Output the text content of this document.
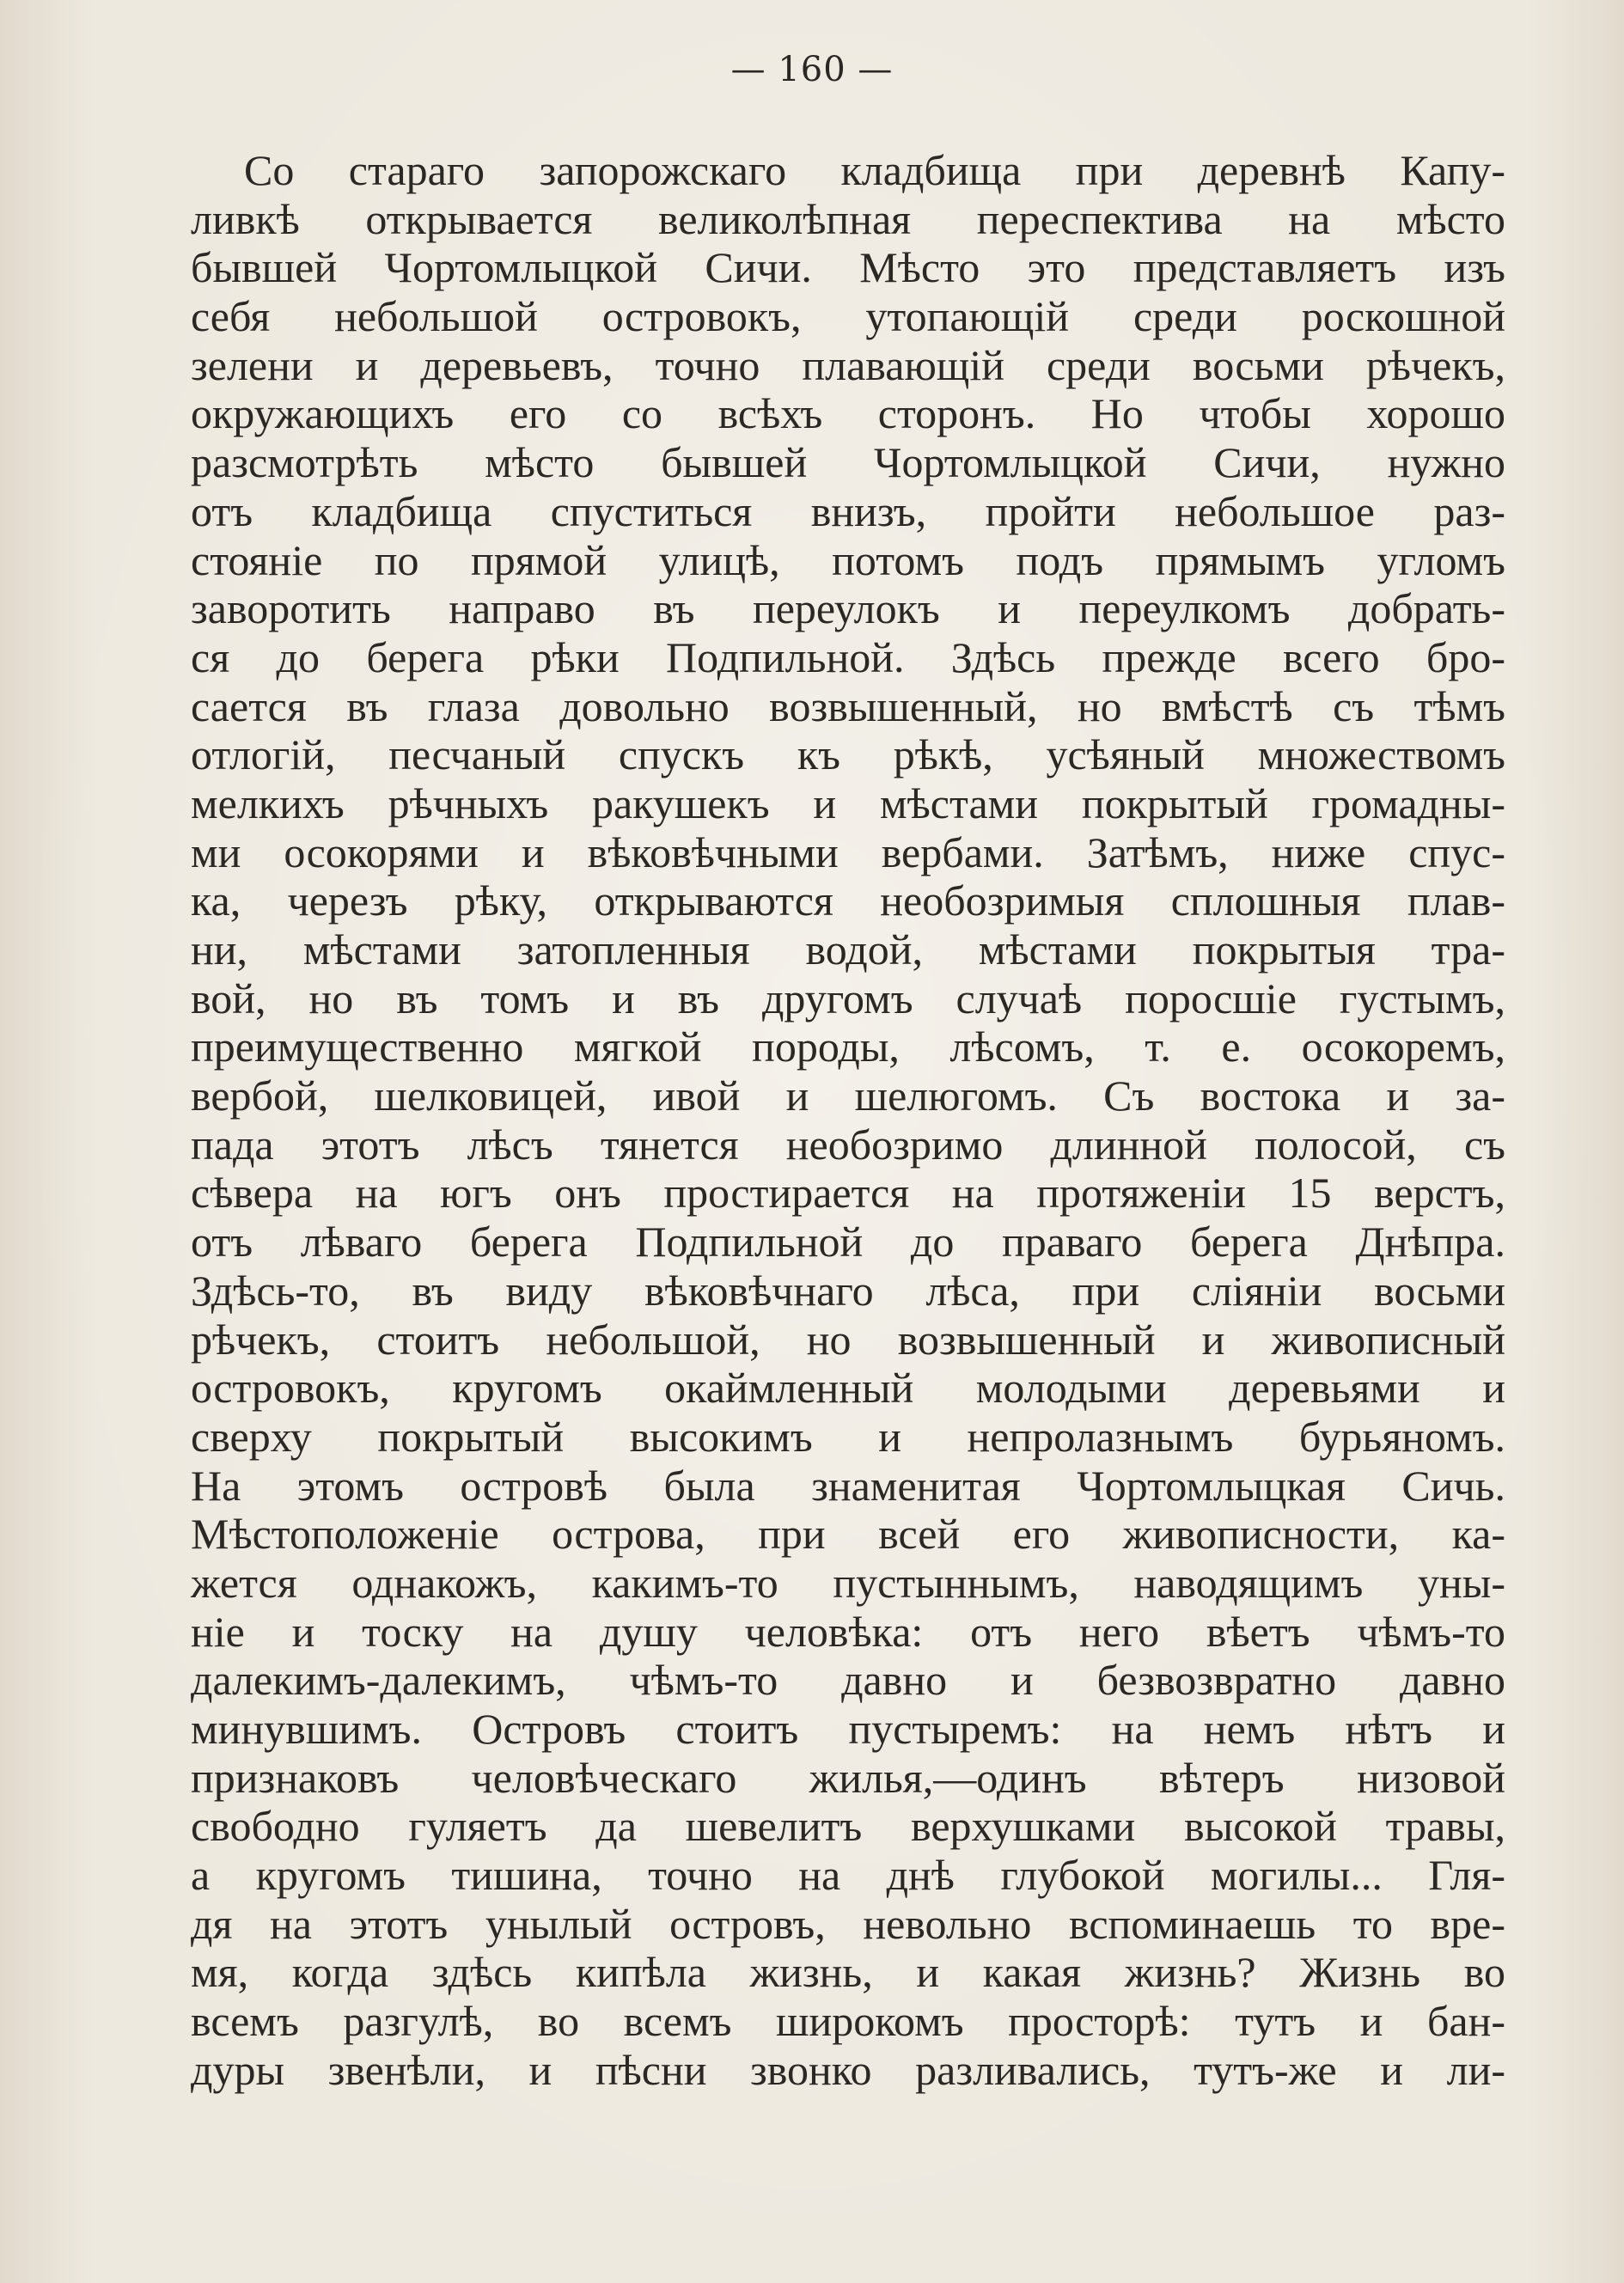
— 160 —
Со стараго запорожскаго кладбища при деревнѣ Капу-
ливкѣ открывается великолѣпная переспектива на мѣсто
бывшей Чортомлыцкой Сичи. Мѣсто это представляетъ изъ
себя небольшой островокъ, утопающій среди роскошной
зелени и деревьевъ, точно плавающій среди восьми рѣчекъ,
окружающихъ его со всѣхъ сторонъ. Но чтобы хорошо
разсмотрѣть мѣсто бывшей Чортомлыцкой Сичи, нужно
отъ кладбища спуститься внизъ, пройти небольшое раз-
стояніе по прямой улицѣ, потомъ подъ прямымъ угломъ
заворотить направо въ переулокъ и переулкомъ добрать-
ся до берега рѣки Подпильной. Здѣсь прежде всего бро-
сается въ глаза довольно возвышенный, но вмѣстѣ съ тѣмъ
отлогій, песчаный спускъ къ рѣкѣ, усѣяный множествомъ
мелкихъ рѣчныхъ ракушекъ и мѣстами покрытый громадны-
ми осокорями и вѣковѣчными вербами. Затѣмъ, ниже спус-
ка, черезъ рѣку, открываются необозримыя сплошныя плав-
ни, мѣстами затопленныя водой, мѣстами покрытыя тра-
вой, но въ томъ и въ другомъ случаѣ поросшіе густымъ,
преимущественно мягкой породы, лѣсомъ, т. е. осокоремъ,
вербой, шелковицей, ивой и шелюгомъ. Съ востока и за-
пада этотъ лѣсъ тянется необозримо длинной полосой, съ
сѣвера на югъ онъ простирается на протяженіи 15 верстъ,
отъ лѣваго берега Подпильной до праваго берега Днѣпра.
Здѣсь-то, въ виду вѣковѣчнаго лѣса, при сліяніи восьми
рѣчекъ, стоитъ небольшой, но возвышенный и живописный
островокъ, кругомъ окаймленный молодыми деревьями и
сверху покрытый высокимъ и непролазнымъ бурьяномъ.
На этомъ островѣ была знаменитая Чортомлыцкая Сичь.
Мѣстоположеніе острова, при всей его живописности, ка-
жется однакожъ, какимъ-то пустыннымъ, наводящимъ уны-
ніе и тоску на душу человѣка: отъ него вѣетъ чѣмъ-то
далекимъ-далекимъ, чѣмъ-то давно и безвозвратно давно
минувшимъ. Островъ стоитъ пустыремъ: на немъ нѣтъ и
признаковъ человѣческаго жилья,—одинъ вѣтеръ низовой
свободно гуляетъ да шевелитъ верхушками высокой травы,
а кругомъ тишина, точно на днѣ глубокой могилы... Гля-
дя на этотъ унылый островъ, невольно вспоминаешь то вре-
мя, когда здѣсь кипѣла жизнь, и какая жизнь? Жизнь во
всемъ разгулѣ, во всемъ широкомъ просторѣ: тутъ и бан-
дуры звенѣли, и пѣсни звонко разливались, тутъ-же и ли-
